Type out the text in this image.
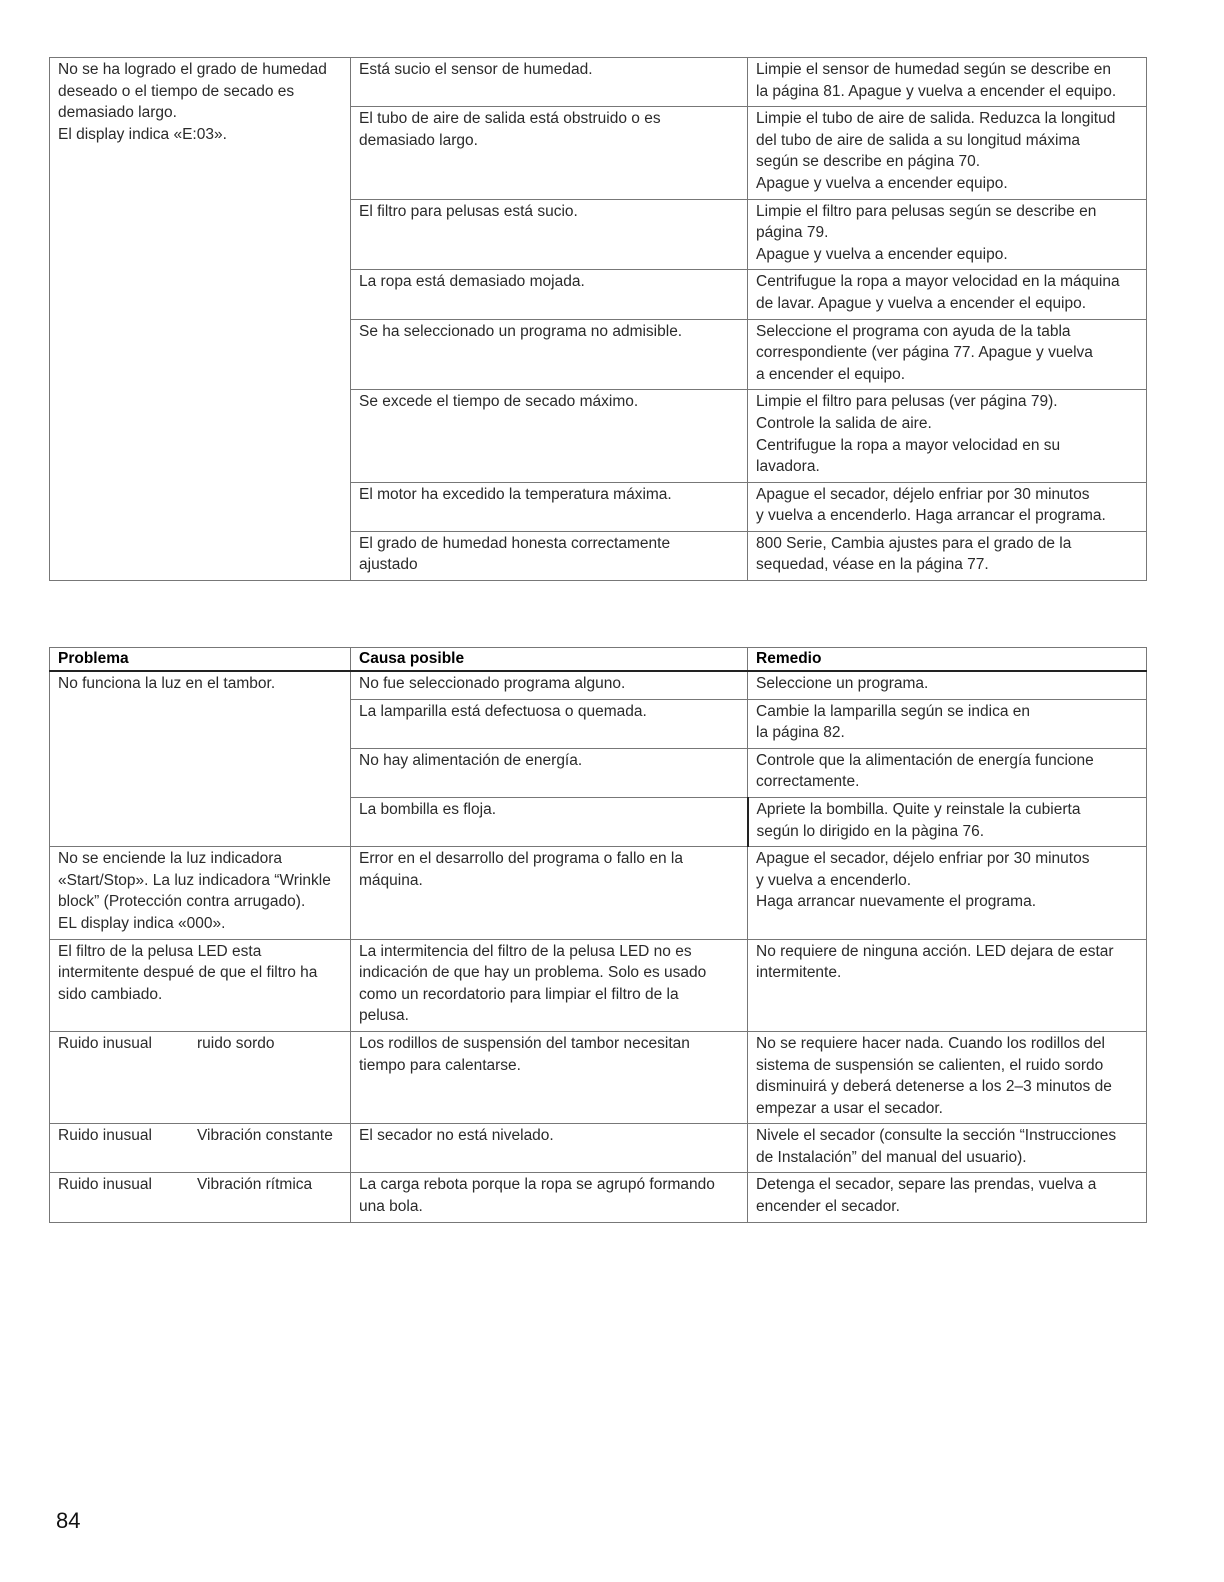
No se ha logrado el grado de humedad
deseado o el tiempo de secado es
demasiado largo.
El display indica «E:03».	Está sucio el sensor de humedad.	Limpie el sensor de humedad según se describe en
la página 81. Apague y vuelva a encender el equipo.
	El tubo de aire de salida está obstruido o es
demasiado largo.	Limpie el tubo de aire de salida. Reduzca la longitud
del tubo de aire de salida a su longitud máxima
según se describe en página 70.
Apague y vuelva a encender equipo.
	El filtro para pelusas está sucio.	Limpie el filtro para pelusas según se describe en
página 79.
Apague y vuelva a encender equipo.
	La ropa está demasiado mojada.	Centrifugue la ropa a mayor velocidad en la máquina
de lavar. Apague y vuelva a encender el equipo.
	Se ha seleccionado un programa no admisible.	Seleccione el programa con ayuda de la tabla
correspondiente (ver página 77. Apague y vuelva
a encender el equipo.
	Se excede el tiempo de secado máximo.	Limpie el filtro para pelusas (ver página 79).
Controle la salida de aire.
Centrifugue la ropa a mayor velocidad en su
lavadora.
	El motor ha excedido la temperatura máxima.	Apague el secador, déjelo enfriar por 30 minutos
y vuelva a encenderlo. Haga arrancar el programa.
	El grado de humedad honesta correctamente
ajustado	800 Serie, Cambia ajustes para el grado de la
sequedad, véase en la página 77.
Problema	Causa posible	Remedio
No funciona la luz en el tambor.	No fue seleccionado programa alguno.	Seleccione un programa.
	La lamparilla está defectuosa o quemada.	Cambie la lamparilla según se indica en
la página 82.
	No hay alimentación de energía.	Controle que la alimentación de energía funcione
correctamente.
	La bombilla es floja.	Apriete la bombilla. Quite y reinstale la cubierta
según lo dirigido en la pàgina 76.
No se enciende la luz indicadora
«Start/Stop». La luz indicadora “Wrinkle
block” (Protección contra arrugado).
EL display indica «000».	Error en el desarrollo del programa o fallo en la
máquina.	Apague el secador, déjelo enfriar por 30 minutos
y vuelva a encenderlo.
Haga arrancar nuevamente el programa.
El filtro de la pelusa LED esta
intermitente despué de que el filtro ha
sido cambiado.	La intermitencia del filtro de la pelusa LED no es
indicación de que hay un problema. Solo es usado
como un recordatorio para limpiar el filtro de la
pelusa.	No requiere de ninguna acción. LED dejara de estar
intermitente.

Ruido inusual ruido sordo	Los rodillos de suspensión del tambor necesitan
tiempo para calentarse.	No se requiere hacer nada. Cuando los rodillos del
sistema de suspensión se calienten, el ruido sordo
disminuirá y deberá detenerse a los 2–3 minutos de
empezar a usar el secador.

Ruido inusual Vibración constante	El secador no está nivelado.	Nivele el secador (consulte la sección “Instrucciones
de Instalación” del manual del usuario).

Ruido inusual Vibración rítmica	La carga rebota porque la ropa se agrupó formando
una bola.	Detenga el secador, separe las prendas, vuelva a
encender el secador.
84
